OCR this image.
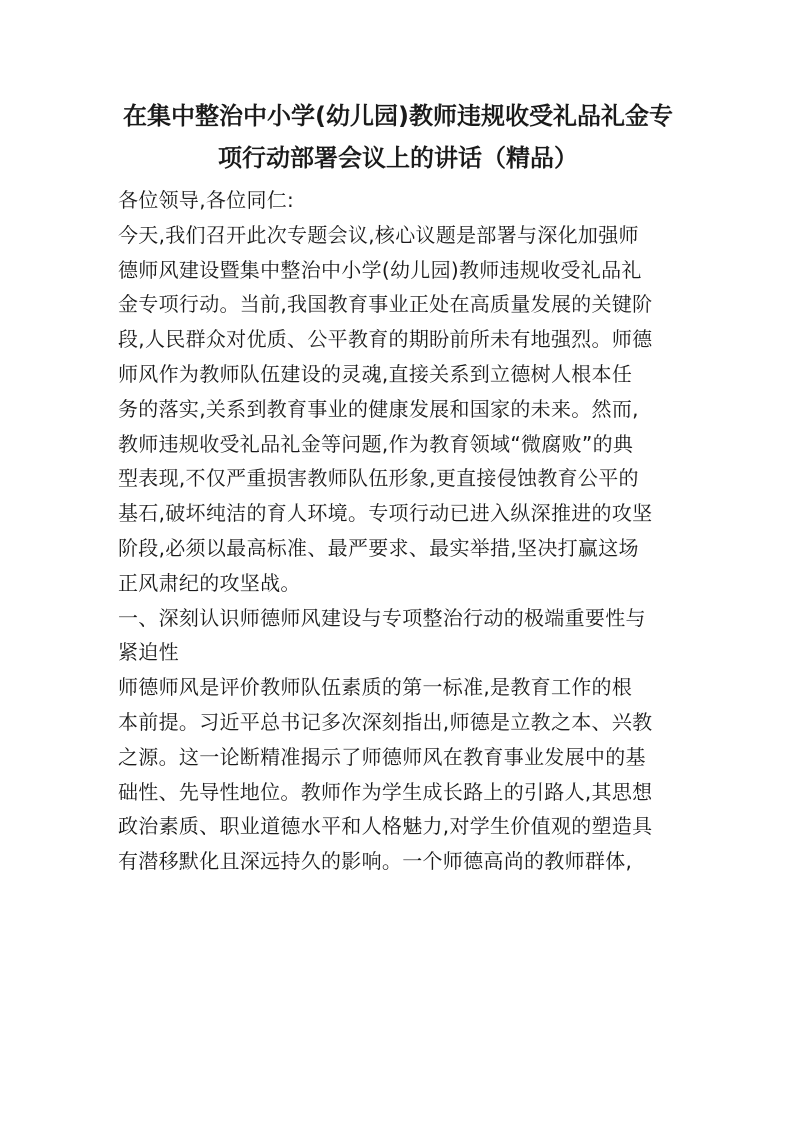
在集中整治中小学(幼儿园)教师违规收受礼品礼金专
项行动部署会议上的讲话（精品）

各位领导,各位同仁:

今天,我们召开此次专题会议,核心议题是部署与深化加强师
德师风建设暨集中整治中小学(幼儿园)教师违规收受礼品礼
金专项行动。当前,我国教育事业正处在高质量发展的关键阶
段,人民群众对优质、公平教育的期盼前所未有地强烈。师德
师风作为教师队伍建设的灵魂,直接关系到立德树人根本任
务的落实,关系到教育事业的健康发展和国家的未来。然而,
教师违规收受礼品礼金等问题,作为教育领域“微腐败”的典
型表现,不仅严重损害教师队伍形象,更直接侵蚀教育公平的
基石,破坏纯洁的育人环境。专项行动已进入纵深推进的攻坚
阶段,必须以最高标准、最严要求、最实举措,坚决打赢这场
正风肃纪的攻坚战。

一、深刻认识师德师风建设与专项整治行动的极端重要性与
紧迫性

师德师风是评价教师队伍素质的第一标准,是教育工作的根
本前提。习近平总书记多次深刻指出,师德是立教之本、兴教
之源。这一论断精准揭示了师德师风在教育事业发展中的基
础性、先导性地位。教师作为学生成长路上的引路人,其思想
政治素质、职业道德水平和人格魅力,对学生价值观的塑造具
有潜移默化且深远持久的影响。一个师德高尚的教师群体,
